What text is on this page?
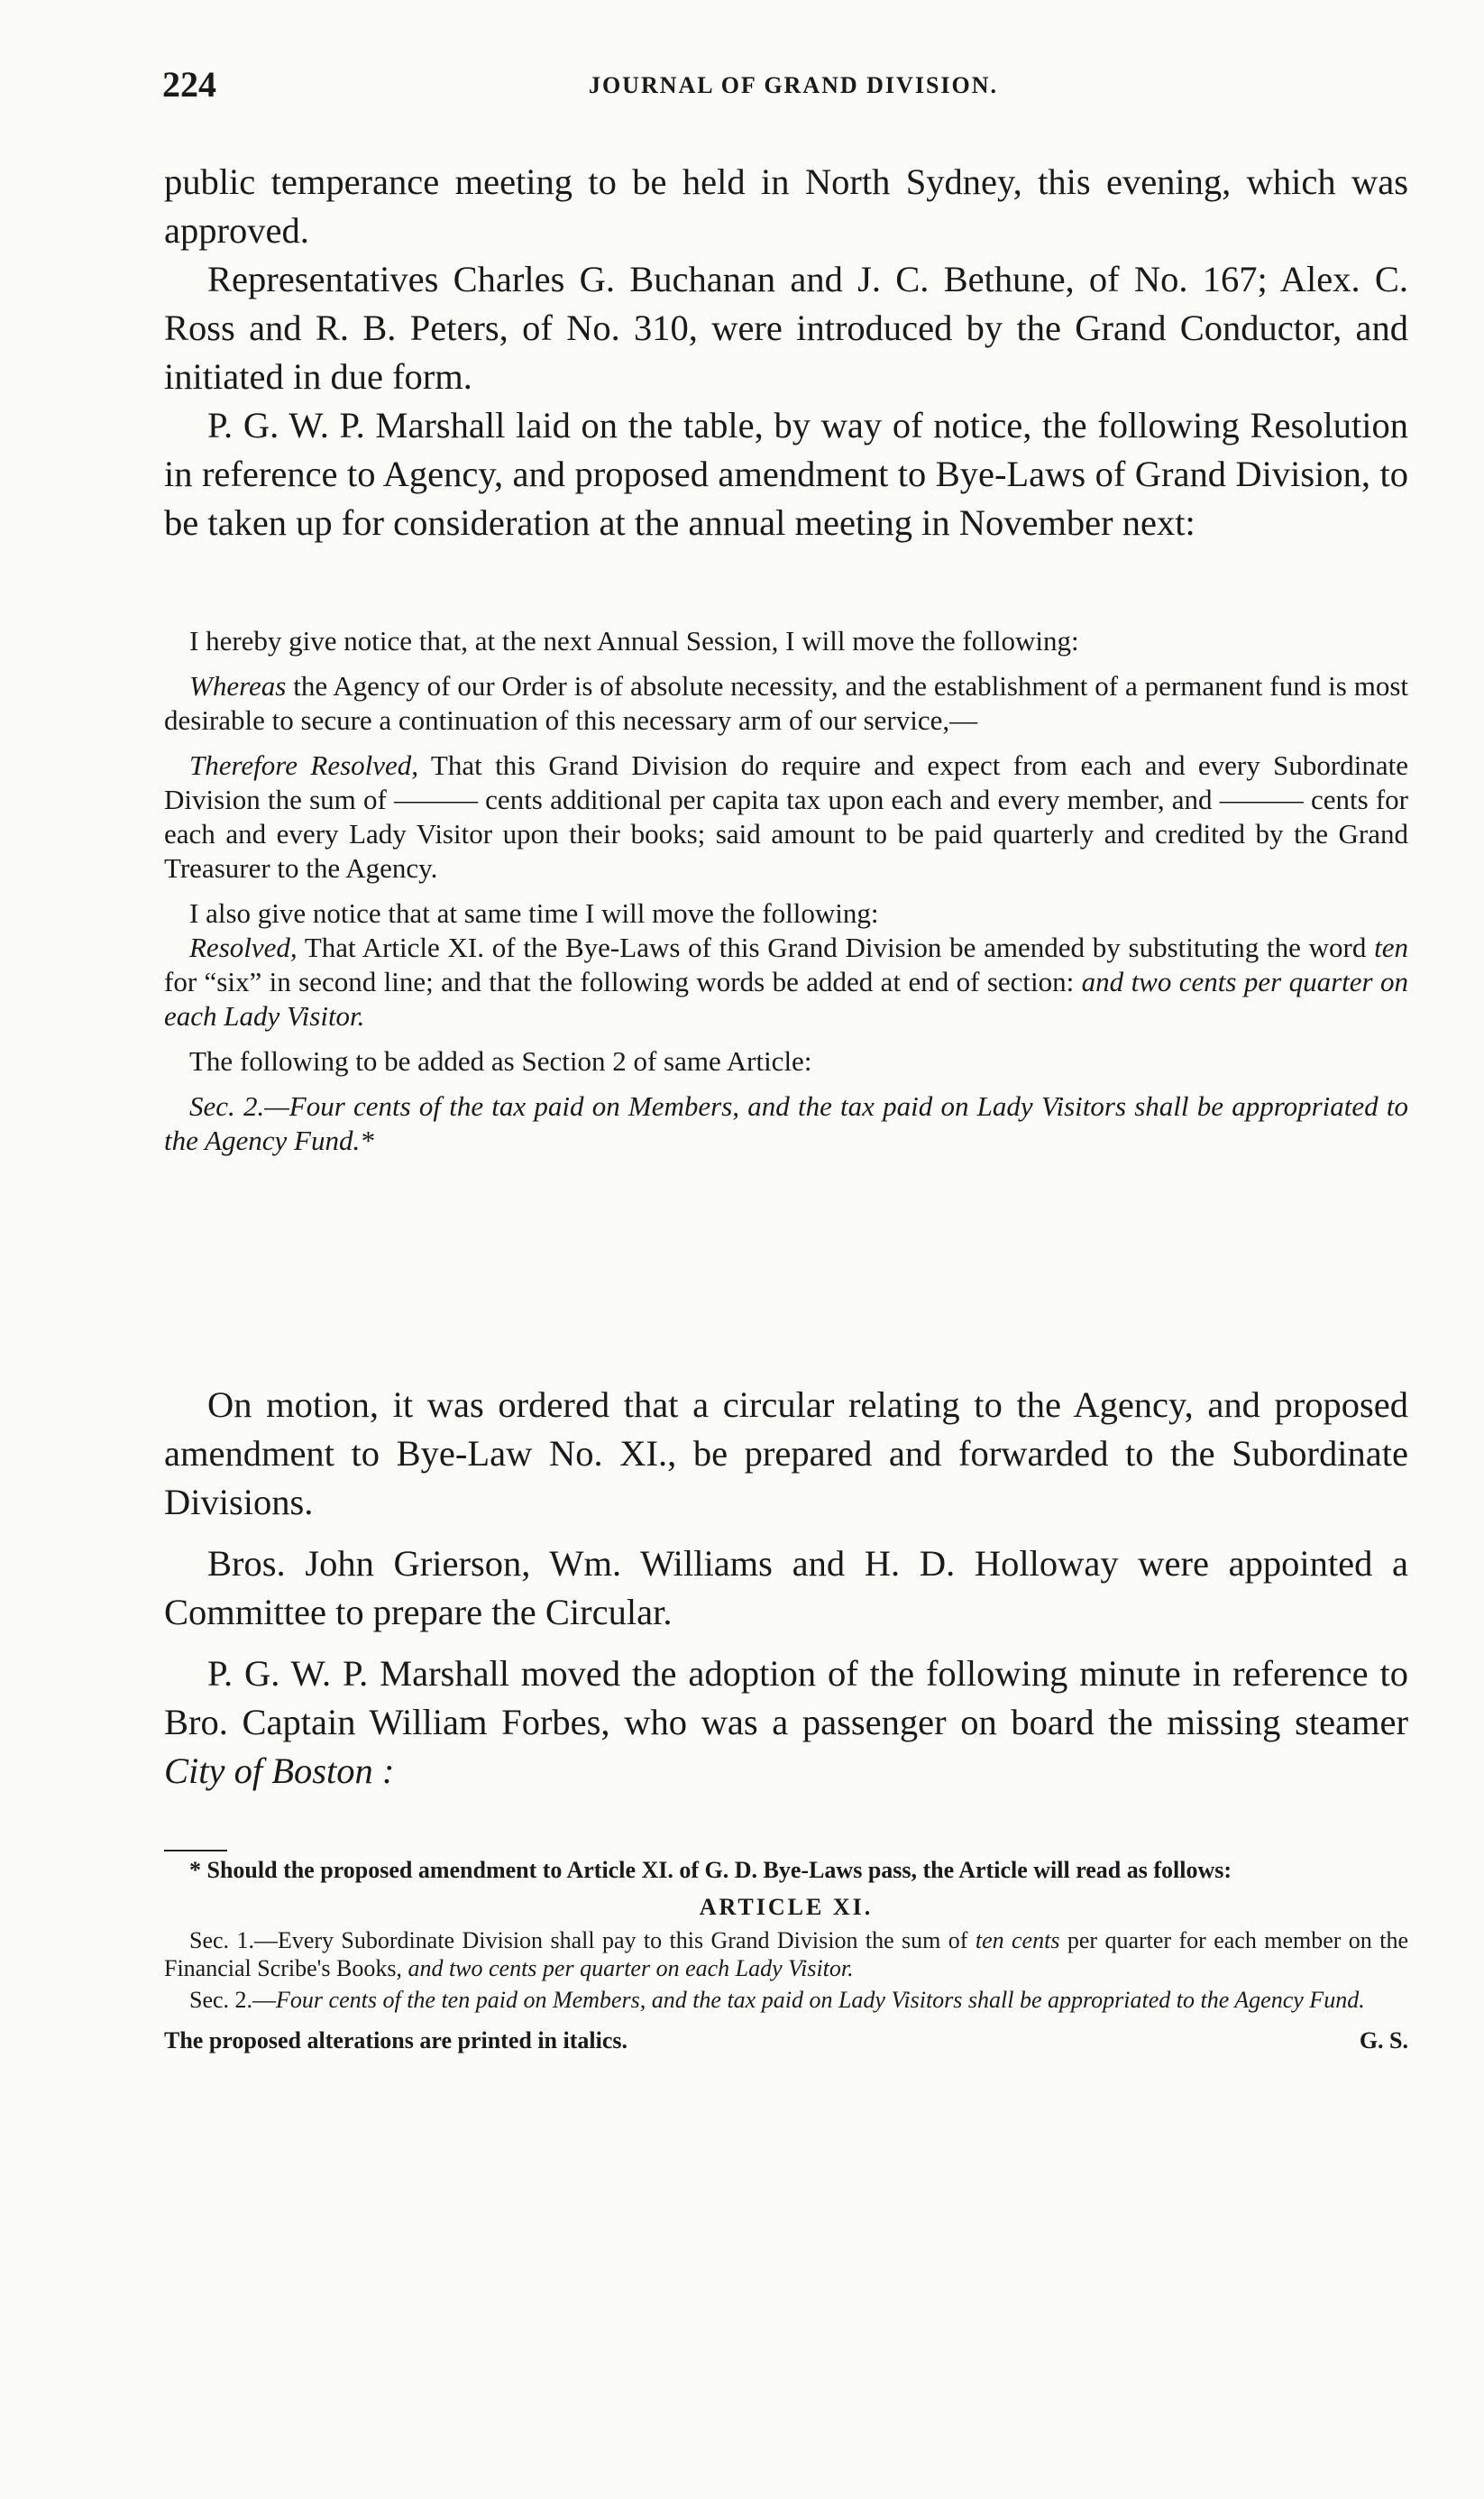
224	JOURNAL OF GRAND DIVISION.

public temperance meeting to be held in North Sydney, this evening, which was approved.

Representatives Charles G. Buchanan and J. C. Bethune, of No. 167; Alex. C. Ross and R. B. Peters, of No. 310, were introduced by the Grand Conductor, and initiated in due form.

P. G. W. P. Marshall laid on the table, by way of notice, the following Resolution in reference to Agency, and proposed amendment to Bye-Laws of Grand Division, to be taken up for consideration at the annual meeting in November next:

I hereby give notice that, at the next Annual Session, I will move the following:

Whereas the Agency of our Order is of absolute necessity, and the establishment of a permanent fund is most desirable to secure a continuation of this necessary arm of our service,—

Therefore Resolved, That this Grand Division do require and expect from each and every Subordinate Division the sum of ——— cents additional per capita tax upon each and every member, and ——— cents for each and every Lady Visitor upon their books; said amount to be paid quarterly and credited by the Grand Treasurer to the Agency.

I also give notice that at same time I will move the following:

Resolved, That Article XI. of the Bye-Laws of this Grand Division be amended by substituting the word ten for “six” in second line; and that the following words be added at end of section: and two cents per quarter on each Lady Visitor.

The following to be added as Section 2 of same Article:

Sec. 2.—Four cents of the tax paid on Members, and the tax paid on Lady Visitors shall be appropriated to the Agency Fund.*

On motion, it was ordered that a circular relating to the Agency, and proposed amendment to Bye-Law No. XI., be prepared and forwarded to the Subordinate Divisions.

Bros. John Grierson, Wm. Williams and H. D. Holloway were appointed a Committee to prepare the Circular.

P. G. W. P. Marshall moved the adoption of the following minute in reference to Bro. Captain William Forbes, who was a passenger on board the missing steamer City of Boston :

* Should the proposed amendment to Article XI. of G. D. Bye-Laws pass, the Article will read as follows:

ARTICLE XI.

Sec. 1.—Every Subordinate Division shall pay to this Grand Division the sum of ten cents per quarter for each member on the Financial Scribe's Books, and two cents per quarter on each Lady Visitor.

Sec. 2.—Four cents of the ten paid on Members, and the tax paid on Lady Visitors shall be appropriated to the Agency Fund.

The proposed alterations are printed in italics.	G. S.
